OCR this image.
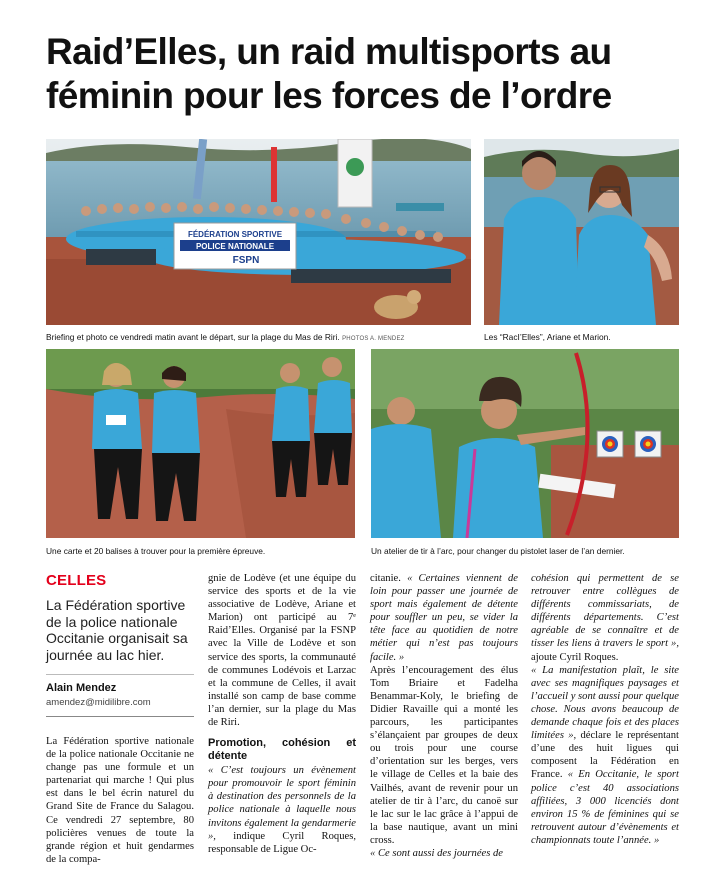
Raid’Elles, un raid multisports au féminin pour les forces de l’ordre
FÉDÉRATION SPORTIVE
POLICE NATIONALE
FSPN
Briefing et photo ce vendredi matin avant le départ, sur la plage du Mas de Riri. PHOTOS A. MENDEZ	Les “RacI’Elles”, Ariane et Marion.
Une carte et 20 balises à trouver pour la première épreuve.	Un atelier de tir à l’arc, pour changer du pistolet laser de l’an dernier.
CELLES
La Fédération sportive de la police nationale Occitanie organisait sa journée au lac hier.
Alain Mendez
amendez@midilibre.com

La Fédération sportive nationale de la police nationale Occitanie ne change pas une formule et un partenariat qui marche ! Qui plus est dans le bel écrin naturel du Grand Site de France du Salagou. Ce vendredi 27 septembre, 80 policières venues de toute la grande région et huit gendarmes de la compa-

gnie de Lodève (et une équipe du service des sports et de la vie associative de Lodève, Ariane et Marion) ont participé au 7ᵉ Raid’Elles. Organisé par la FSNP avec la Ville de Lodève et son service des sports, la communauté de communes Lodévois et Larzac et la commune de Celles, il avait installé son camp de base comme l’an dernier, sur la plage du Mas de Riri.

Promotion, cohésion et détente

« C’est toujours un évènement pour promouvoir le sport féminin à destination des personnels de la police nationale à laquelle nous invitons également la gendarmerie », indique Cyril Roques, responsable de Ligue Oc-

citanie. « Certaines viennent de loin pour passer une journée de sport mais également de détente pour souffler un peu, se vider la tête face au quotidien de notre métier qui n’est pas toujours facile. »

Après l’encouragement des élus Tom Briaire et Fadelha Benammar-Koly, le briefing de Didier Ravaille qui a monté les parcours, les participantes s’élançaient par groupes de deux ou trois pour une course d’orientation sur les berges, vers le village de Celles et la baie des Vailhés, avant de revenir pour un atelier de tir à l’arc, du canoë sur le lac sur le lac grâce à l’appui de la base nautique, avant un mini cross.

« Ce sont aussi des journées de

cohésion qui permettent de se retrouver entre collègues de différents commissariats, de différents départements. C’est agréable de se connaître et de tisser les liens à travers le sport », ajoute Cyril Roques.

« La manifestation plaît, le site avec ses magnifiques paysages et l’accueil y sont aussi pour quelque chose. Nous avons beaucoup de demande chaque fois et des places limitées », déclare le représentant d’une des huit ligues qui composent la Fédération en France. « En Occitanie, le sport police c’est 40 associations affiliées, 3 000 licenciés dont environ 15 % de féminines qui se retrouvent autour d’évènements et championnats toute l’année. »
